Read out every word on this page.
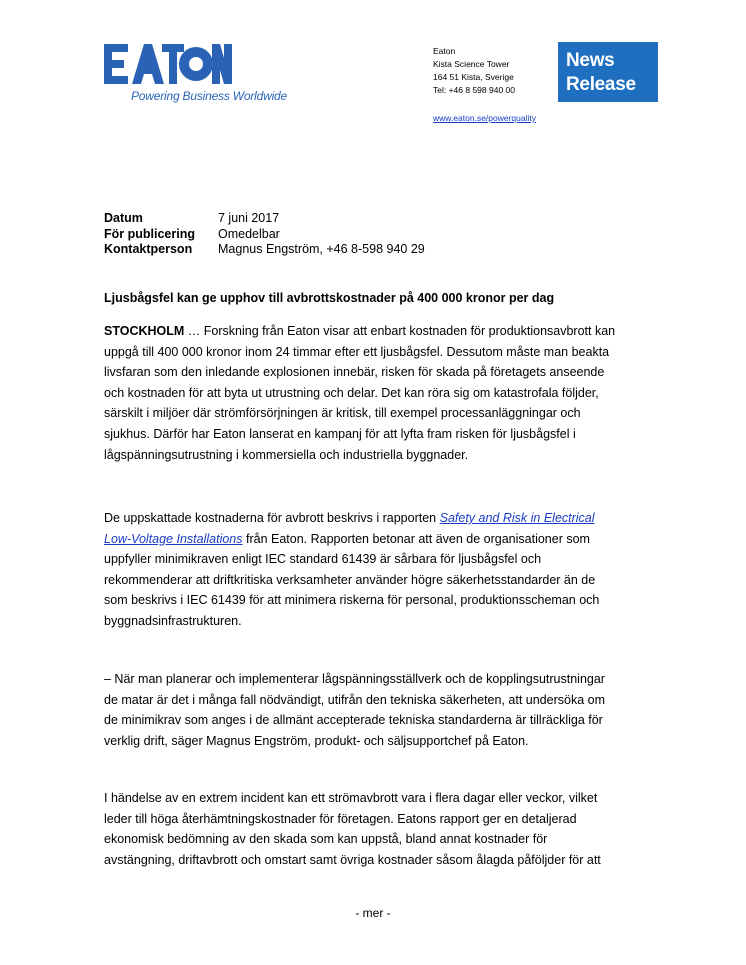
Powering Business Worldwide
Eaton
Kista Science Tower
164 51 Kista, Sverige
Tel: +46 8 598 940 00
www.eaton.se/powerquality
News
Release
Datum	7 juni 2017
För publicering Omedelbar
Kontaktperson Magnus Engström, +46 8-598 940 29
Ljusbågsfel kan ge upphov till avbrottskostnader på 400 000 kronor per dag
STOCKHOLM … Forskning från Eaton visar att enbart kostnaden för produktionsavbrott kan
uppgå till 400 000 kronor inom 24 timmar efter ett ljusbågsfel. Dessutom måste man beakta
livsfaran som den inledande explosionen innebär, risken för skada på företagets anseende
och kostnaden för att byta ut utrustning och delar. Det kan röra sig om katastrofala följder,
särskilt i miljöer där strömförsörjningen är kritisk, till exempel processanläggningar och
sjukhus. Därför har Eaton lanserat en kampanj för att lyfta fram risken för ljusbågsfel i
lågspänningsutrustning i kommersiella och industriella byggnader.
De uppskattade kostnaderna för avbrott beskrivs i rapporten Safety and Risk in Electrical
Low-Voltage Installations från Eaton. Rapporten betonar att även de organisationer som
uppfyller minimikraven enligt IEC standard 61439 är sårbara för ljusbågsfel och
rekommenderar att driftkritiska verksamheter använder högre säkerhetsstandarder än de
som beskrivs i IEC 61439 för att minimera riskerna för personal, produktionsscheman och
byggnadsinfrastrukturen.
– När man planerar och implementerar lågspänningsställverk och de kopplingsutrustningar
de matar är det i många fall nödvändigt, utifrån den tekniska säkerheten, att undersöka om
de minimikrav som anges i de allmänt accepterade tekniska standarderna är tillräckliga för
verklig drift, säger Magnus Engström, produkt- och säljsupportchef på Eaton.
I händelse av en extrem incident kan ett strömavbrott vara i flera dagar eller veckor, vilket
leder till höga återhämtningskostnader för företagen. Eatons rapport ger en detaljerad
ekonomisk bedömning av den skada som kan uppstå, bland annat kostnader för
avstängning, driftavbrott och omstart samt övriga kostnader såsom ålagda påföljder för att
- mer -
